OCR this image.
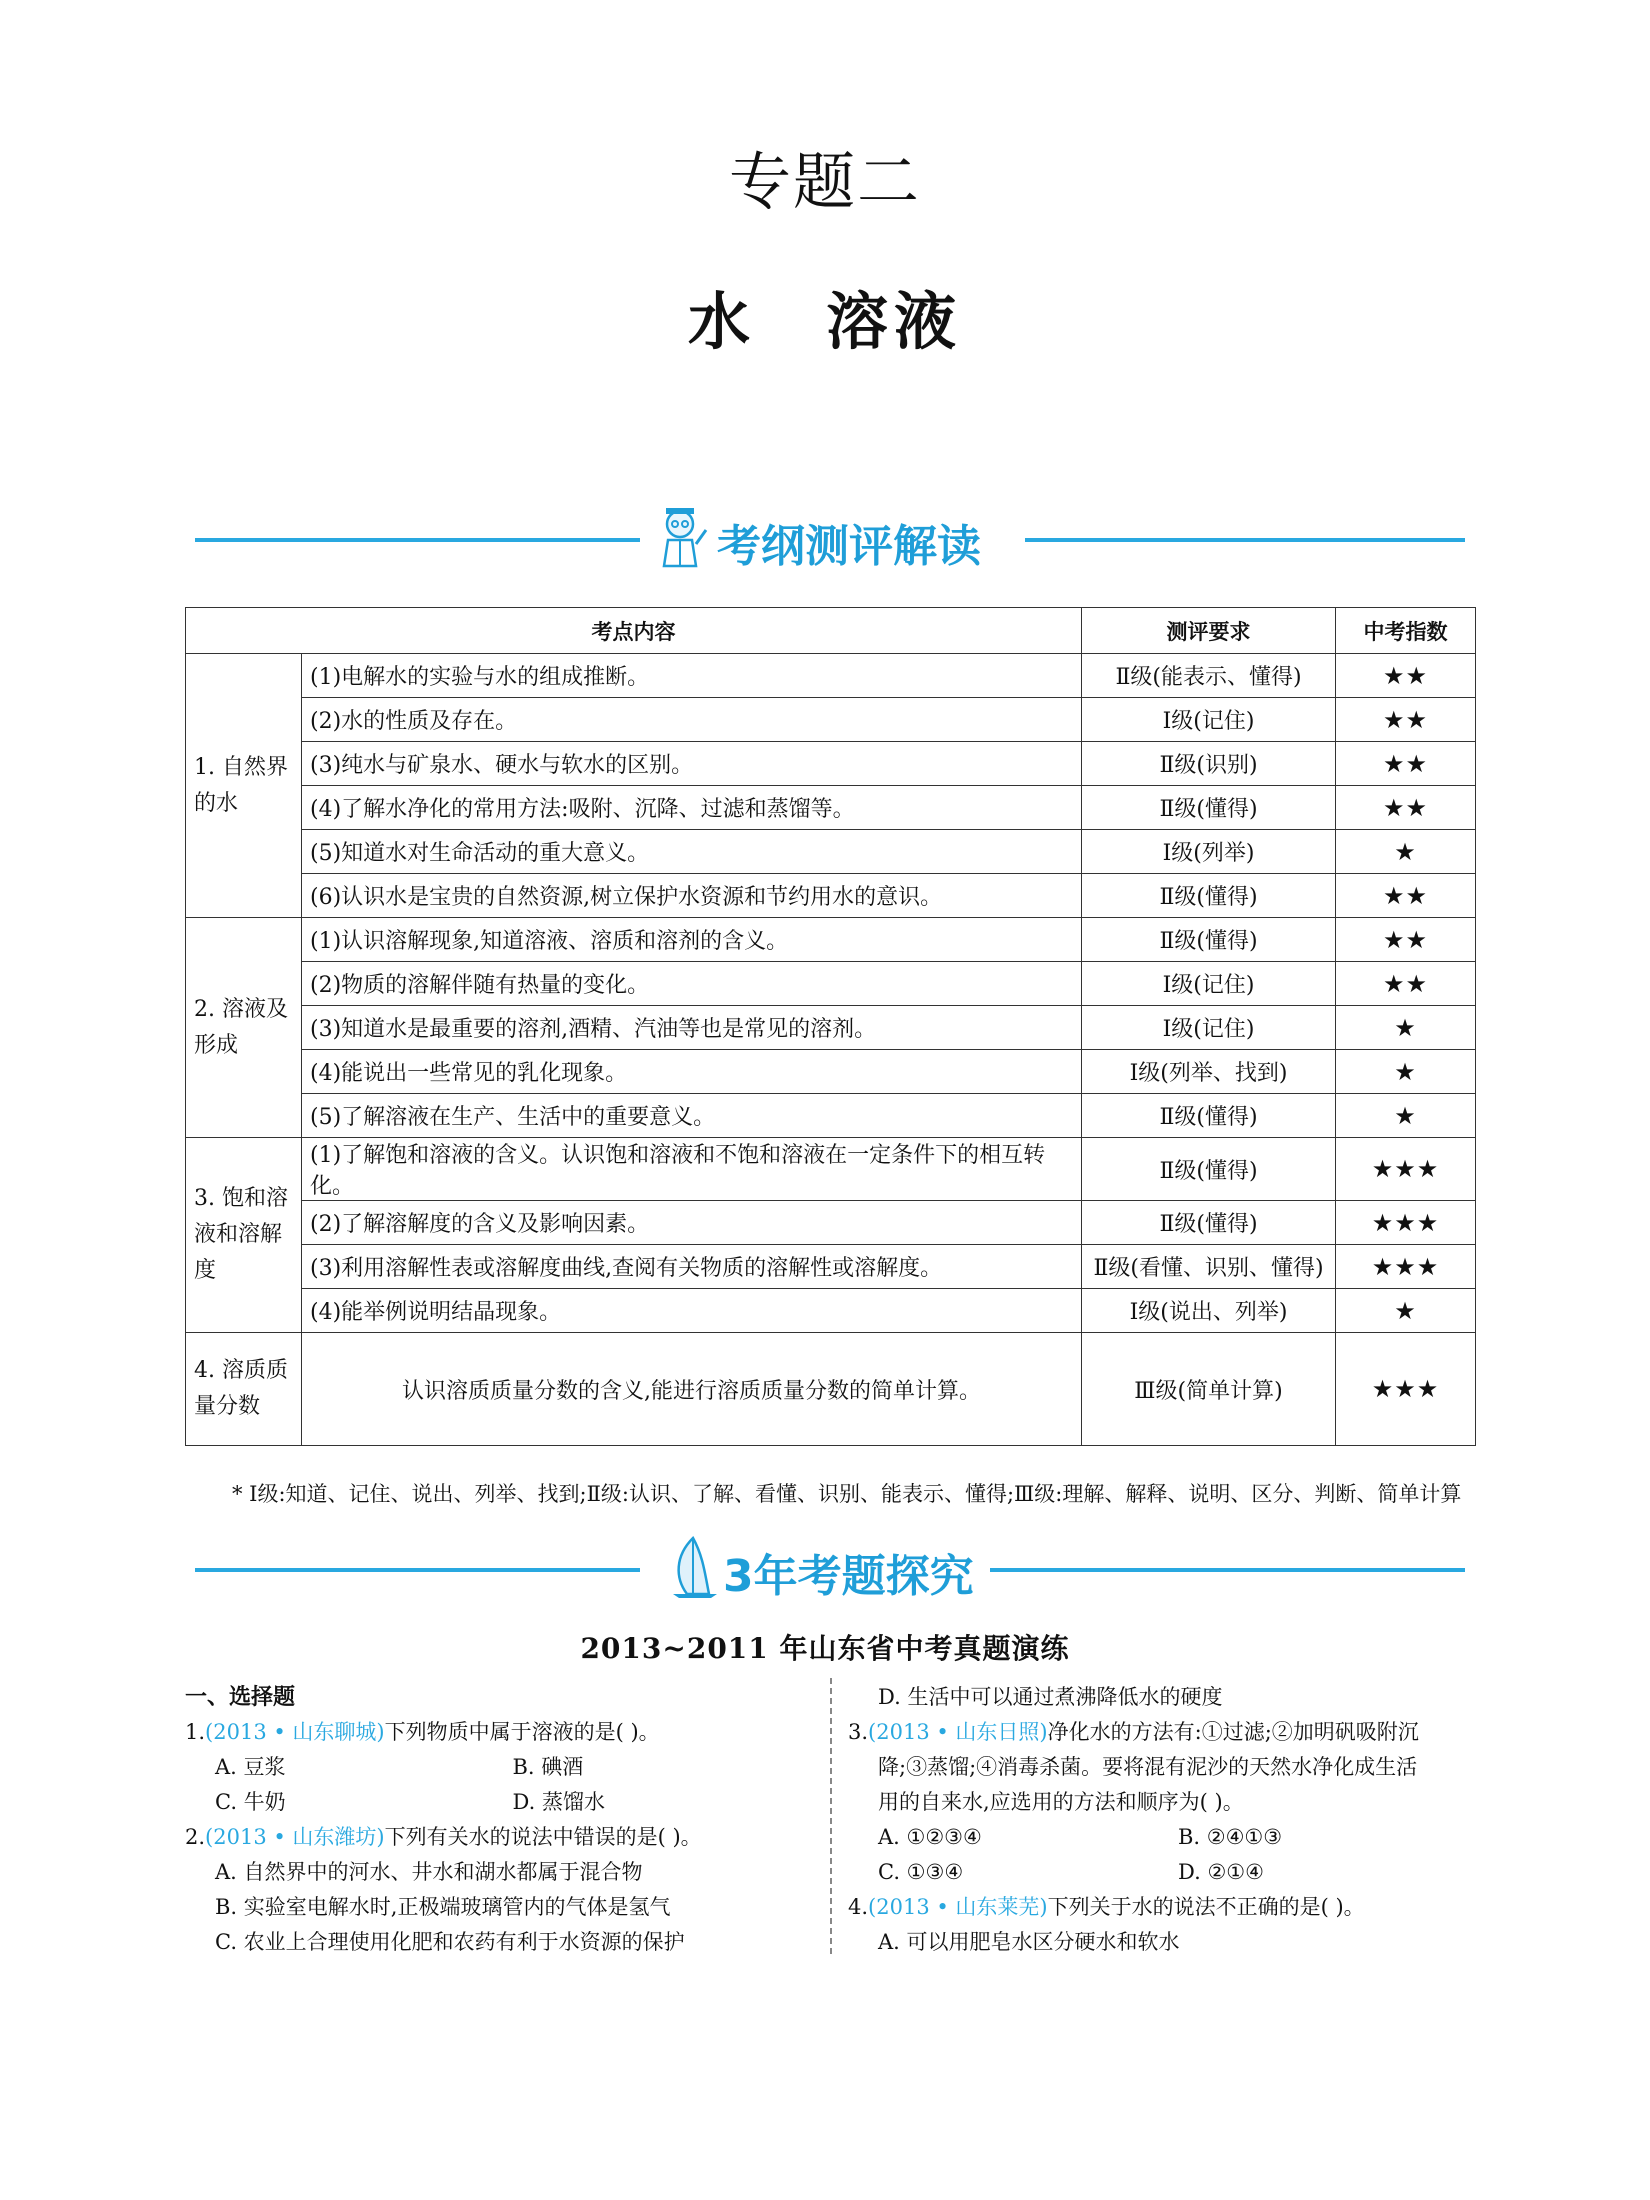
专题二
水 溶液
考纲测评解读
考点内容		测评要求	中考指数
1. 自然界的水	(1)电解水的实验与水的组成推断。	Ⅱ级(能表示、懂得)	★★
	(2)水的性质及存在。	Ⅰ级(记住)	★★
	(3)纯水与矿泉水、硬水与软水的区别。	Ⅱ级(识别)	★★
	(4)了解水净化的常用方法:吸附、沉降、过滤和蒸馏等。	Ⅱ级(懂得)	★★
	(5)知道水对生命活动的重大意义。	Ⅰ级(列举)	★
	(6)认识水是宝贵的自然资源,树立保护水资源和节约用水的意识。	Ⅱ级(懂得)	★★
2. 溶液及形成	(1)认识溶解现象,知道溶液、溶质和溶剂的含义。	Ⅱ级(懂得)	★★
	(2)物质的溶解伴随有热量的变化。	Ⅰ级(记住)	★★
	(3)知道水是最重要的溶剂,酒精、汽油等也是常见的溶剂。	Ⅰ级(记住)	★
	(4)能说出一些常见的乳化现象。	Ⅰ级(列举、找到)	★
	(5)了解溶液在生产、生活中的重要意义。	Ⅱ级(懂得)	★
3. 饱和溶液和溶解度	(1)了解饱和溶液的含义。认识饱和溶液和不饱和溶液在一定条件下的相互转化。	Ⅱ级(懂得)	★★★
	(2)了解溶解度的含义及影响因素。	Ⅱ级(懂得)	★★★
	(3)利用溶解性表或溶解度曲线,查阅有关物质的溶解性或溶解度。	Ⅱ级(看懂、识别、懂得)	★★★
	(4)能举例说明结晶现象。	Ⅰ级(说出、列举)	★
4. 溶质质量分数	认识溶质质量分数的含义,能进行溶质质量分数的简单计算。	Ⅲ级(简单计算)	★★★
* Ⅰ级:知道、记住、说出、列举、找到;Ⅱ级:认识、了解、看懂、识别、能表示、懂得;Ⅲ级:理解、解释、说明、区分、判断、简单计算
3年考题探究
2013~2011 年山东省中考真题演练
一、选择题
1.(2013 • 山东聊城)下列物质中属于溶液的是( )。
A. 豆浆	B. 碘酒
C. 牛奶	D. 蒸馏水
2.(2013 • 山东潍坊)下列有关水的说法中错误的是( )。
A. 自然界中的河水、井水和湖水都属于混合物
B. 实验室电解水时,正极端玻璃管内的气体是氢气
C. 农业上合理使用化肥和农药有利于水资源的保护
D. 生活中可以通过煮沸降低水的硬度
3.(2013 • 山东日照)净化水的方法有:①过滤;②加明矾吸附沉
降;③蒸馏;④消毒杀菌。要将混有泥沙的天然水净化成生活
用的自来水,应选用的方法和顺序为( )。
A. ①②③④	B. ②④①③
C. ①③④	D. ②①④
4.(2013 • 山东莱芜)下列关于水的说法不正确的是( )。
A. 可以用肥皂水区分硬水和软水
